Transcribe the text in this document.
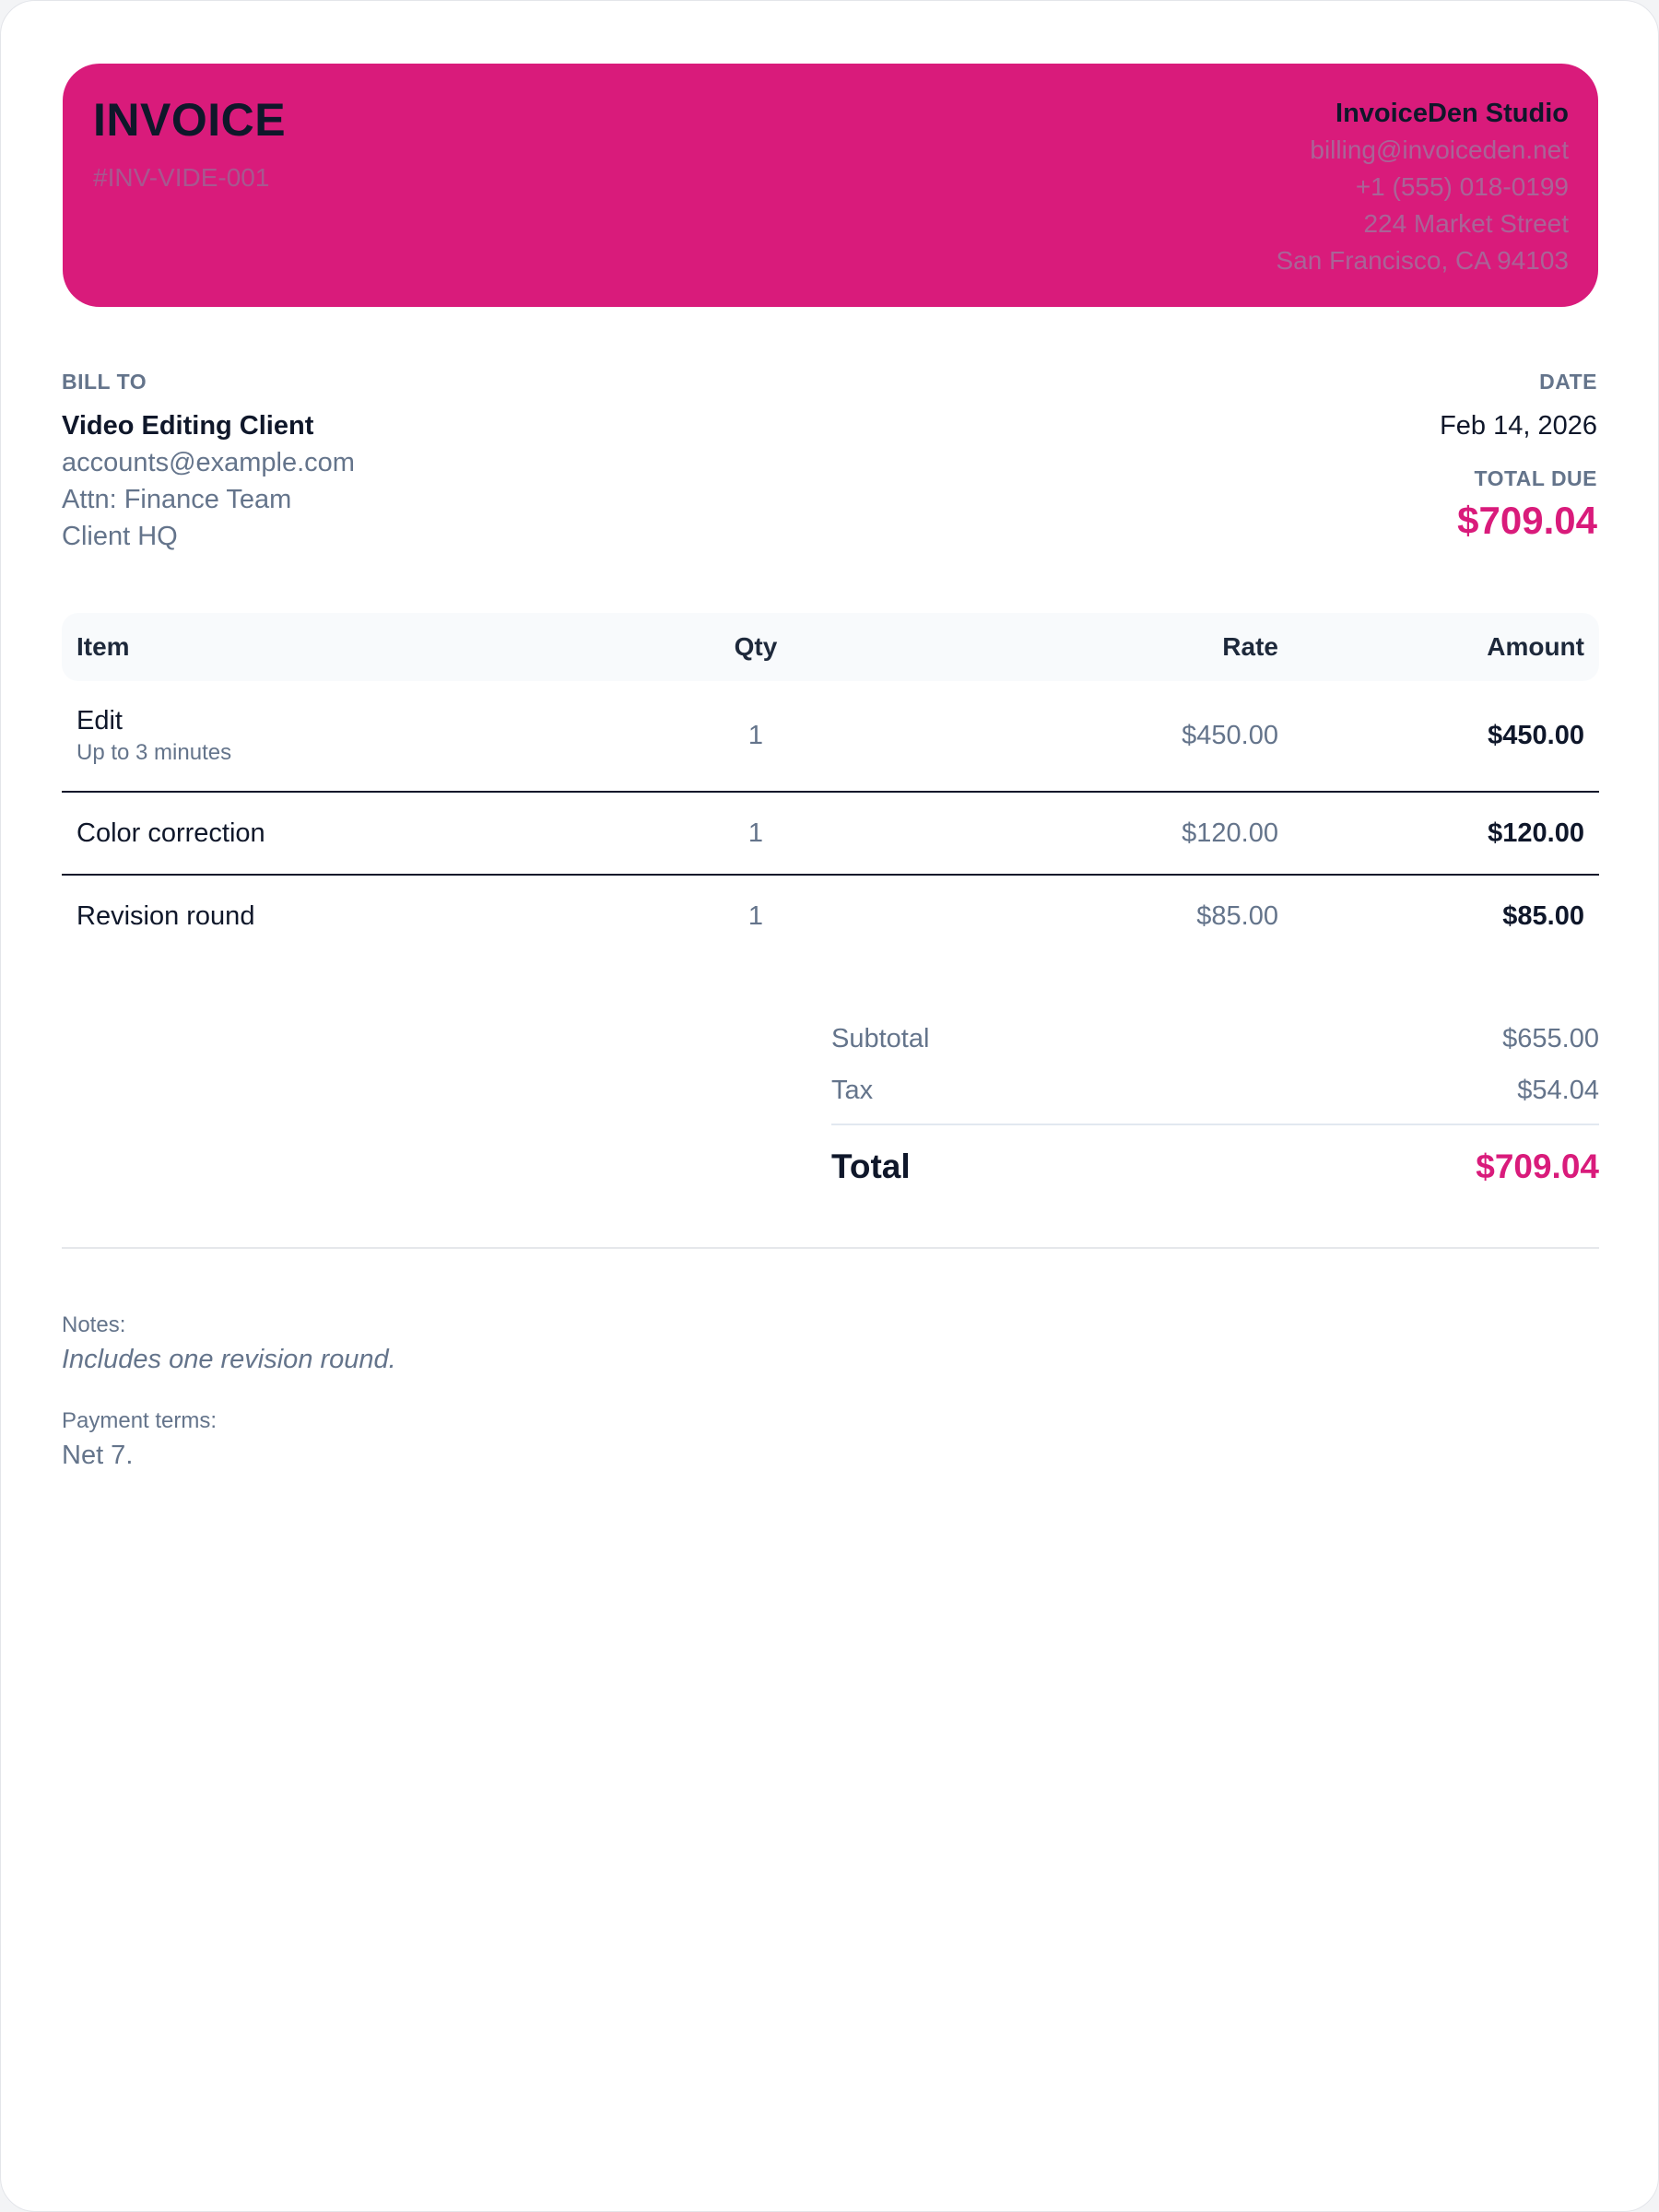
INVOICE
#INV-VIDE-001
InvoiceDen Studio
billing@invoiceden.net
+1 (555) 018-0199
224 Market Street
San Francisco, CA 94103
BILL TO
Video Editing Client
accounts@example.com
Attn: Finance Team
Client HQ
DATE
Feb 14, 2026
TOTAL DUE
$709.04
Item	Qty	Rate	Amount

Edit
Up to 3 minutes	1	$450.00	$450.00

Color correction	1	$120.00	$120.00

Revision round	1	$85.00	$85.00
Subtotal	$655.00
Tax	$54.04
Total	$709.04
Notes:
Includes one revision round.
Payment terms:
Net 7.
